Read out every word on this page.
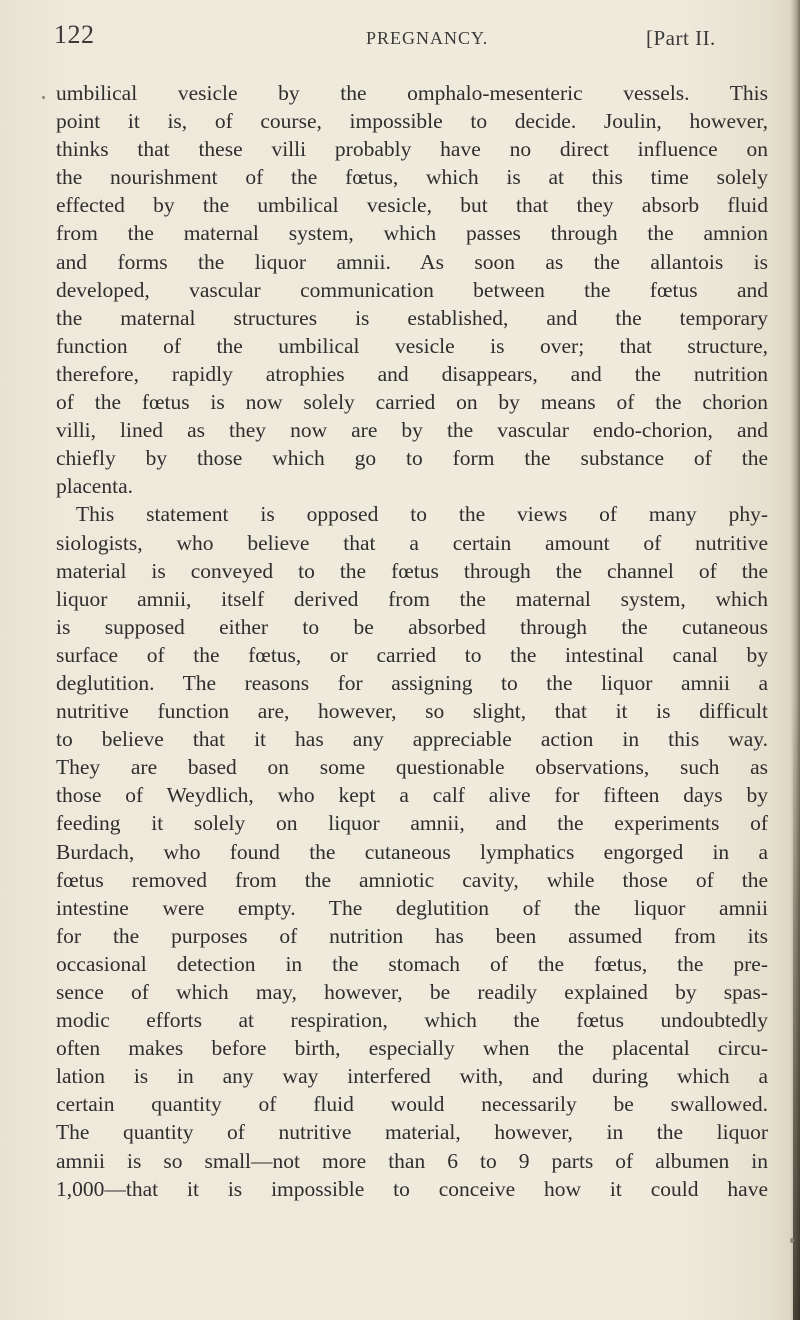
122	PREGNANCY.	[Part II.
umbilical vesicle by the omphalo-mesenteric vessels. This
point it is, of course, impossible to decide. Joulin, however,
thinks that these villi probably have no direct influence on
the nourishment of the fœtus, which is at this time solely
effected by the umbilical vesicle, but that they absorb fluid
from the maternal system, which passes through the amnion
and forms the liquor amnii. As soon as the allantois is
developed, vascular communication between the fœtus and
the maternal structures is established, and the temporary
function of the umbilical vesicle is over; that structure,
therefore, rapidly atrophies and disappears, and the nutrition
of the fœtus is now solely carried on by means of the chorion
villi, lined as they now are by the vascular endo-chorion, and
chiefly by those which go to form the substance of the
placenta.
This statement is opposed to the views of many phy-
siologists, who believe that a certain amount of nutritive
material is conveyed to the fœtus through the channel of the
liquor amnii, itself derived from the maternal system, which
is supposed either to be absorbed through the cutaneous
surface of the fœtus, or carried to the intestinal canal by
deglutition. The reasons for assigning to the liquor amnii a
nutritive function are, however, so slight, that it is difficult
to believe that it has any appreciable action in this way.
They are based on some questionable observations, such as
those of Weydlich, who kept a calf alive for fifteen days by
feeding it solely on liquor amnii, and the experiments of
Burdach, who found the cutaneous lymphatics engorged in a
fœtus removed from the amniotic cavity, while those of the
intestine were empty. The deglutition of the liquor amnii
for the purposes of nutrition has been assumed from its
occasional detection in the stomach of the fœtus, the pre-
sence of which may, however, be readily explained by spas-
modic efforts at respiration, which the fœtus undoubtedly
often makes before birth, especially when the placental circu-
lation is in any way interfered with, and during which a
certain quantity of fluid would necessarily be swallowed.
The quantity of nutritive material, however, in the liquor
amnii is so small—not more than 6 to 9 parts of albumen in
1,000—that it is impossible to conceive how it could have
